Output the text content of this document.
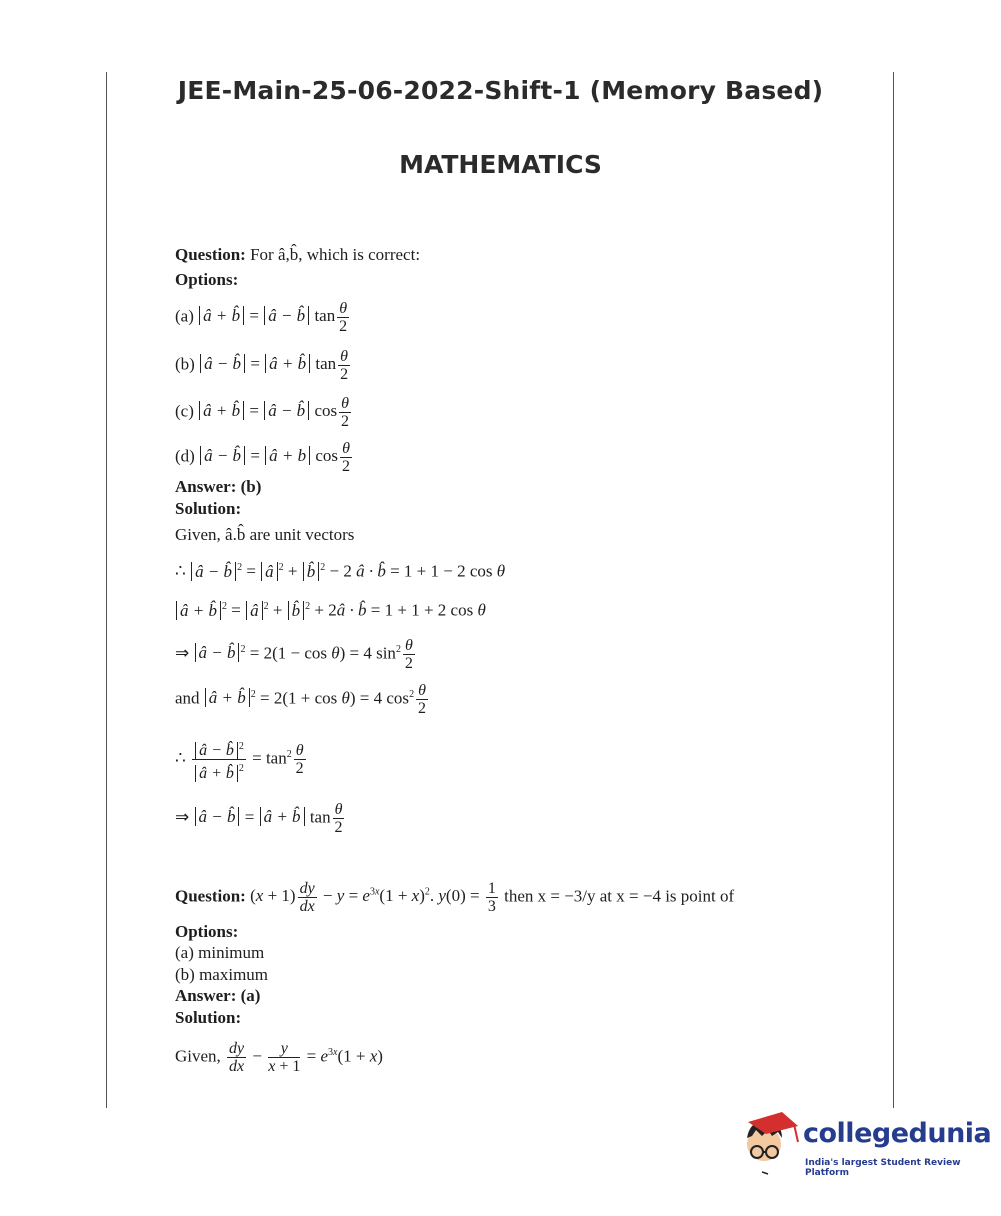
JEE-Main-25-06-2022-Shift-1 (Memory Based)
MATHEMATICS
Question: For â,b̂, which is correct:
Options:
(a) â + b̂ = â − b̂ $\tan \frac{\theta}{2}$
(b) â − b̂ = â + b̂ $\tan \frac{\theta}{2}$
(c) â + b̂ = â − b̂ $\cos \frac{\theta}{2}$
(d) â − b̂ = â + b $\cos \frac{\theta}{2}$
Answer: (b)
Solution:
Given, â.b̂ are unit vectors
∴ â − b̂ $^2$ = â $^2$ + b̂ $^2$ − 2 â · b̂ = 1 + 1 − 2 cos θ
â + b̂ $^2$ = â $^2$ + b̂ $^2$ + 2â · b̂ = 1 + 1 + 2 cos θ
⇒ â − b̂ $^2$ = 2(1 − cos θ) = 4 $\sin^2 \frac{\theta}{2}$
and â + b̂ $^2$ = 2(1 + cos θ) = 4 $\cos^2 \frac{\theta}{2}$
∴ $\frac{â - b̂ ^2}{â + b̂ ^2} = \tan^2 \frac{\theta}{2}$
⇒ â − b̂ = â + b̂ $\tan \frac{\theta}{2}$
Question: $(x + 1) \frac{dy}{dx} - y = e^{3x}(1 + x)^2$. $y(0) = \frac{1}{3}$ then x = −3/y at x = −4 is point of
Options:
(a) minimum
(b) maximum
Answer: (a)
Solution:
Given, $\frac{dy}{dx} - \frac{y}{x + 1} = e^{3x}(1 + x)$
collegedunia
India's largest Student Review Platform
